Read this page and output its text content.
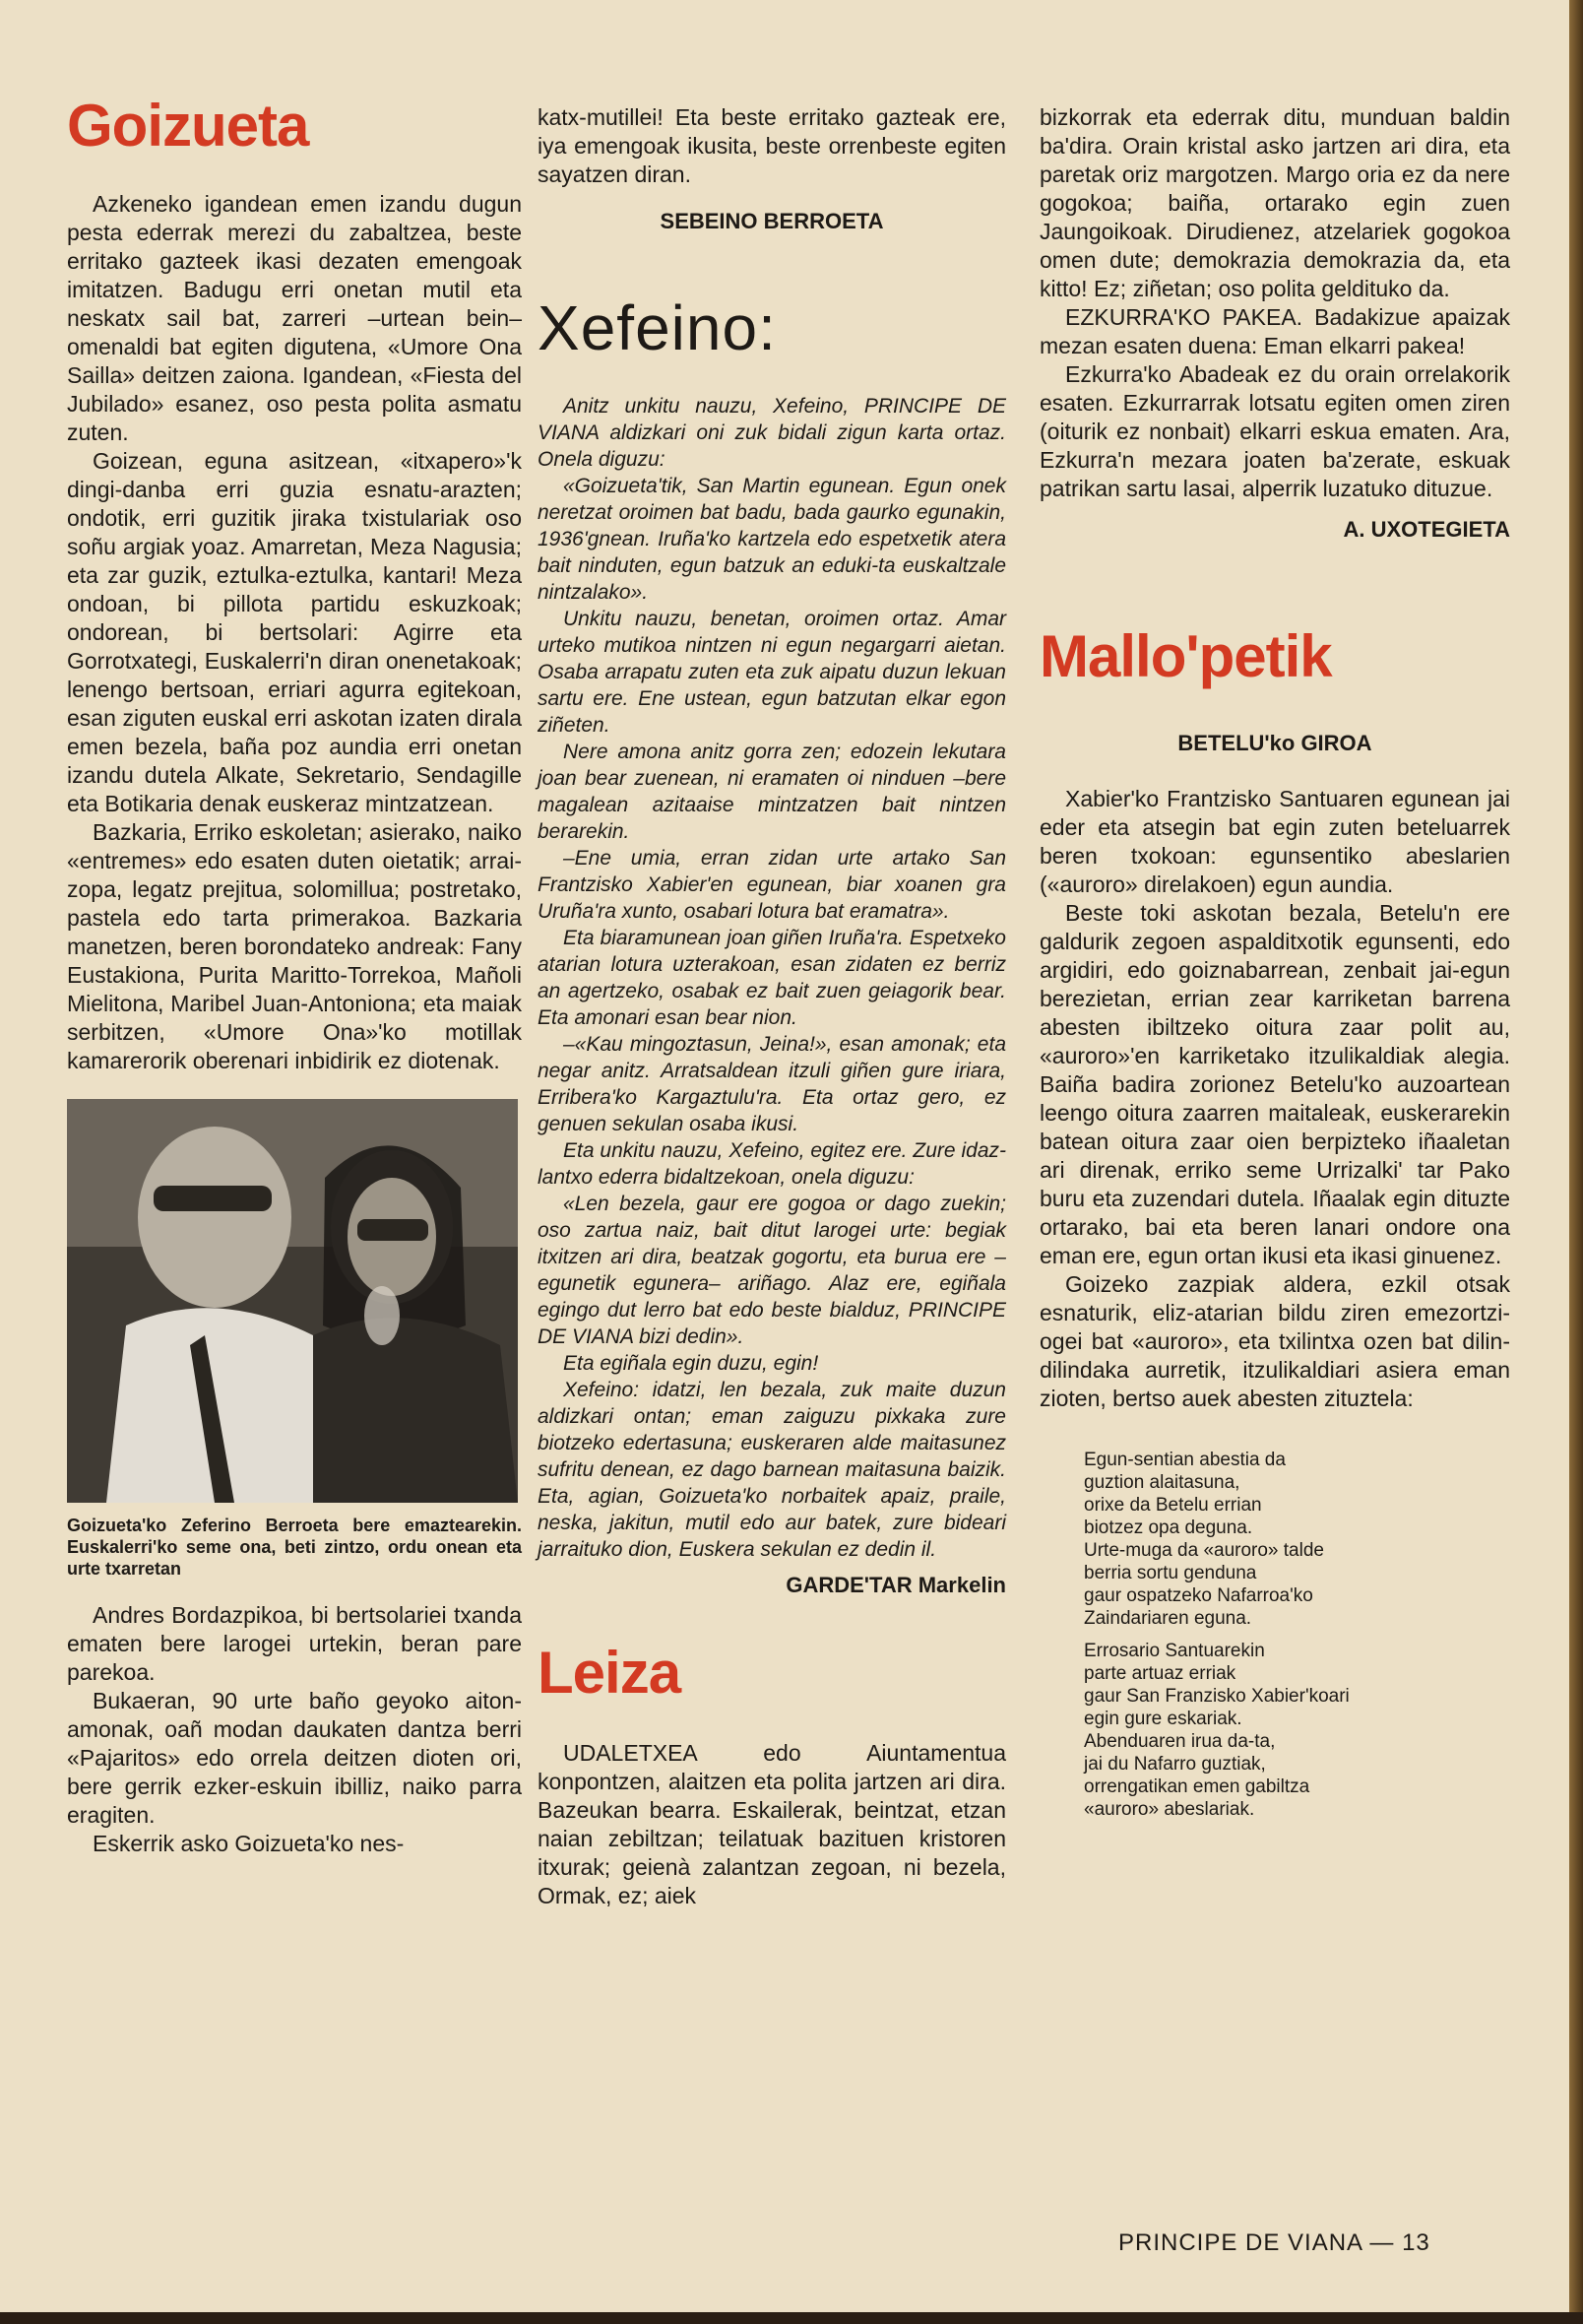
Goizueta

Azkeneko igandean emen izandu dugun pesta ederrak merezi du zabaltzea, beste erritako gazteek ikasi dezaten emengoak imitatzen. Badugu erri onetan mutil eta neskatx sail bat, zarreri –urtean bein– omenaldi bat egiten digutena, «Umore Ona Sailla» deitzen zaiona. Igandean, «Fiesta del Jubilado» esanez, oso pesta polita asmatu zuten.

Goizean, eguna asitzean, «itxapero»'k dingi-danba erri guzia esnatu-arazten; ondotik, erri guzitik jiraka txistulariak oso soñu argiak yoaz. Amarretan, Meza Nagusia; eta zar guzik, eztulka-eztulka, kantari! Meza ondoan, bi pillota partidu eskuzkoak; ondorean, bi bertsolari: Agirre eta Gorrotxategi, Euskalerri'n diran onenetakoak; lenengo bertsoan, erriari agurra egitekoan, esan ziguten euskal erri askotan izaten dirala emen bezela, baña poz aundia erri onetan izandu dutela Alkate, Sekretario, Sendagille eta Botikaria denak euskeraz mintzatzean.

Bazkaria, Erriko eskoletan; asierako, naiko «entremes» edo esaten duten oietatik; arrai-zopa, legatz prejitua, solomillua; postretako, pastela edo tarta primerakoa. Bazkaria manetzen, beren borondateko andreak: Fany Eustakiona, Purita Maritto-Torrekoa, Mañoli Mielitona, Maribel Juan-Antoniona; eta maiak serbitzen, «Umore Ona»'ko motillak kamarerorik oberenari inbidirik ez diotenak.

Goizueta'ko Zeferino Berroeta bere emaztearekin. Euskalerri'ko seme ona, beti zintzo, ordu onean eta urte txarretan

Andres Bordazpikoa, bi bertsolariei txanda ematen bere larogei urtekin, beran pare parekoa.

Bukaeran, 90 urte baño geyoko aiton-amonak, oañ modan daukaten dantza berri «Pajaritos» edo orrela deitzen dioten ori, bere gerrik ezker-eskuin ibilliz, naiko parra eragiten.

Eskerrik asko Goizueta'ko nes-

katx-mutillei! Eta beste erritako gazteak ere, iya emengoak ikusita, beste orrenbeste egiten sayatzen diran.

SEBEINO BERROETA

Xefeino:

Anitz unkitu nauzu, Xefeino, PRINCIPE DE VIANA aldizkari oni zuk bidali zigun karta ortaz. Onela diguzu:

«Goizueta'tik, San Martin egunean. Egun onek neretzat oroimen bat badu, bada gaurko egunakin, 1936'gnean. Iruña'ko kartzela edo espetxetik atera bait ninduten, egun batzuk an eduki-ta euskaltzale nintzalako».

Unkitu nauzu, benetan, oroimen ortaz. Amar urteko mutikoa nintzen ni egun negargarri aietan. Osaba arrapatu zuten eta zuk aipatu duzun lekuan sartu ere. Ene ustean, egun batzutan elkar egon ziñeten.

Nere amona anitz gorra zen; edozein lekutara joan bear zuenean, ni eramaten oi ninduen –bere magalean azitaaise mintzatzen bait nintzen berarekin.

–Ene umia, erran zidan urte artako San Frantzisko Xabier'en egunean, biar xoanen gra Uruña'ra xunto, osabari lotura bat eramatra».

Eta biaramunean joan giñen Iruña'ra. Espetxeko atarian lotura uzterakoan, esan zidaten ez berriz an agertzeko, osabak ez bait zuen geiagorik bear. Eta amonari esan bear nion.

–«Kau mingoztasun, Jeina!», esan amonak; eta negar anitz. Arratsaldean itzuli giñen gure iriara, Erribera'ko Kargaztulu'ra. Eta ortaz gero, ez genuen sekulan osaba ikusi.

Eta unkitu nauzu, Xefeino, egitez ere. Zure idaz-lantxo ederra bidaltzekoan, onela diguzu:

«Len bezela, gaur ere gogoa or dago zuekin; oso zartua naiz, bait ditut larogei urte: begiak itxitzen ari dira, beatzak gogortu, eta burua ere –egunetik egunera– ariñago. Alaz ere, egiñala egingo dut lerro bat edo beste bialduz, PRINCIPE DE VIANA bizi dedin».

Eta egiñala egin duzu, egin!

Xefeino: idatzi, len bezala, zuk maite duzun aldizkari ontan; eman zaiguzu pixkaka zure biotzeko edertasuna; euskeraren alde maitasunez sufritu denean, ez dago barnean maitasuna baizik. Eta, agian, Goizueta'ko norbaitek apaiz, praile, neska, jakitun, mutil edo aur batek, zure bideari jarraituko dion, Euskera sekulan ez dedin il.

GARDE'TAR Markelin

Leiza

UDALETXEA edo Aiuntamentua konpontzen, alaitzen eta polita jartzen ari dira. Bazeukan bearra. Eskailerak, beintzat, etzan naian zebiltzan; teilatuak bazituen kristoren itxurak; geienà zalantzan zegoan, ni bezela, Ormak, ez; aiek

bizkorrak eta ederrak ditu, munduan baldin ba'dira. Orain kristal asko jartzen ari dira, eta paretak oriz margotzen. Margo oria ez da nere gogokoa; baiña, ortarako egin zuen Jaungoikoak. Dirudienez, atzelariek gogokoa omen dute; demokrazia demokrazia da, eta kitto! Ez; ziñetan; oso polita geldituko da.

EZKURRA'KO PAKEA. Badakizue apaizak mezan esaten duena: Eman elkarri pakea!

Ezkurra'ko Abadeak ez du orain orrelakorik esaten. Ezkurrarrak lotsatu egiten omen ziren (oiturik ez nonbait) elkarri eskua ematen. Ara, Ezkurra'n mezara joaten ba'zerate, eskuak patrikan sartu lasai, alperrik luzatuko dituzue.

A. UXOTEGIETA

Mallo'petik

BETELU'ko GIROA

Xabier'ko Frantzisko Santuaren egunean jai eder eta atsegin bat egin zuten beteluarrek beren txokoan: egunsentiko abeslarien («auroro» direlakoen) egun aundia.

Beste toki askotan bezala, Betelu'n ere galdurik zegoen aspalditxotik egunsenti, edo argidiri, edo goiznabarrean, zenbait jai-egun berezietan, errian zear karriketan barrena abesten ibiltzeko oitura zaar polit au, «auroro»'en karriketako itzulikaldiak alegia. Baiña badira zorionez Betelu'ko auzoartean leengo oitura zaarren maitaleak, euskerarekin batean oitura zaar oien berpizteko iñaaletan ari direnak, erriko seme Urrizalki' tar Pako buru eta zuzendari dutela. Iñaalak egin dituzte ortarako, bai eta beren lanari ondore ona eman ere, egun ortan ikusi eta ikasi ginuenez.

Goizeko zazpiak aldera, ezkil otsak esnaturik, eliz-atarian bildu ziren emezortzi-ogei bat «auroro», eta txilintxa ozen bat dilin-dilindaka aurretik, itzulikaldiari asiera eman zioten, bertso auek abesten zituztela:

Egun-sentian abestia da

guztion alaitasuna,

orixe da Betelu errian

biotzez opa deguna.

Urte-muga da «auroro» talde

berria sortu genduna

gaur ospatzeko Nafarroa'ko

Zaindariaren eguna.

Errosario Santuarekin

parte artuaz erriak

gaur San Franzisko Xabier'koari

egin gure eskariak.

Abenduaren irua da-ta,

jai du Nafarro guztiak,

orrengatikan emen gabiltza

«auroro» abeslariak.

PRINCIPE DE VIANA — 13
